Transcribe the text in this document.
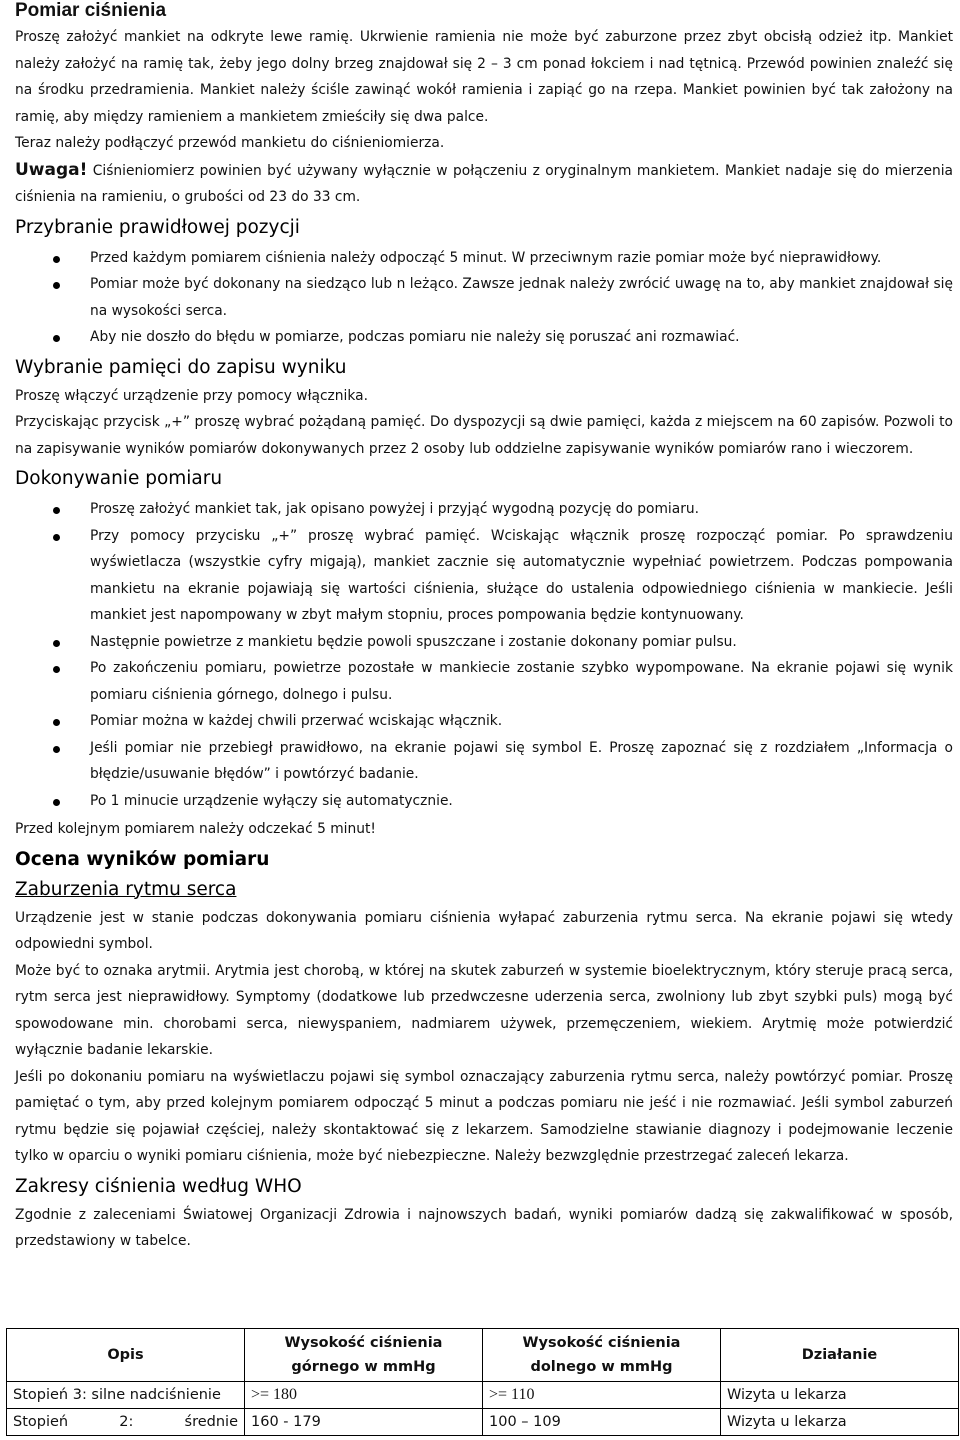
Pomiar ciśnienia

Proszę założyć mankiet na odkryte lewe ramię. Ukrwienie ramienia nie może być zaburzone przez zbyt obcisłą odzież itp. Mankiet należy założyć na ramię tak, żeby jego dolny brzeg znajdował się 2 – 3 cm ponad łokciem i nad tętnicą. Przewód powinien znaleźć się na środku przedramienia. Mankiet należy ściśle zawinąć wokół ramienia i zapiąć go na rzepa. Mankiet powinien być tak założony na ramię, aby między ramieniem a mankietem zmieściły się dwa palce.

Teraz należy podłączyć przewód mankietu do ciśnieniomierza.

Uwaga! Ciśnieniomierz powinien być używany wyłącznie w połączeniu z oryginalnym mankietem. Mankiet nadaje się do mierzenia ciśnienia na ramieniu, o grubości od 23 do 33 cm.

Przybranie prawidłowej pozycji
Przed każdym pomiarem ciśnienia należy odpocząć 5 minut. W przeciwnym razie pomiar może być nieprawidłowy.
Pomiar może być dokonany na siedząco lub n leżąco. Zawsze jednak należy zwrócić uwagę na to, aby mankiet znajdował się na wysokości serca.
Aby nie doszło do błędu w pomiarze, podczas pomiaru nie należy się poruszać ani rozmawiać.
Wybranie pamięci do zapisu wyniku

Proszę włączyć urządzenie przy pomocy włącznika.

Przyciskając przycisk „+” proszę wybrać pożądaną pamięć. Do dyspozycji są dwie pamięci, każda z miejscem na 60 zapisów. Pozwoli to na zapisywanie wyników pomiarów dokonywanych przez 2 osoby lub oddzielne zapisywanie wyników pomiarów rano i wieczorem.

Dokonywanie pomiaru
Proszę założyć mankiet tak, jak opisano powyżej i przyjąć wygodną pozycję do pomiaru.
Przy pomocy przycisku „+” proszę wybrać pamięć. Wciskając włącznik proszę rozpocząć pomiar. Po sprawdzeniu wyświetlacza (wszystkie cyfry migają), mankiet zacznie się automatycznie wypełniać powietrzem. Podczas pompowania mankietu na ekranie pojawiają się wartości ciśnienia, służące do ustalenia odpowiedniego ciśnienia w mankiecie. Jeśli mankiet jest napompowany w zbyt małym stopniu, proces pompowania będzie kontynuowany.
Następnie powietrze z mankietu będzie powoli spuszczane i zostanie dokonany pomiar pulsu.
Po zakończeniu pomiaru, powietrze pozostałe w mankiecie zostanie szybko wypompowane. Na ekranie pojawi się wynik pomiaru ciśnienia górnego, dolnego i pulsu.
Pomiar można w każdej chwili przerwać wciskając włącznik.
Jeśli pomiar nie przebiegł prawidłowo, na ekranie pojawi się symbol E. Proszę zapoznać się z rozdziałem „Informacja o błędzie/usuwanie błędów” i powtórzyć badanie.
Po 1 minucie urządzenie wyłączy się automatycznie.

Przed kolejnym pomiarem należy odczekać 5 minut!

Ocena wyników pomiaru
Zaburzenia rytmu serca

Urządzenie jest w stanie podczas dokonywania pomiaru ciśnienia wyłapać zaburzenia rytmu serca. Na ekranie pojawi się wtedy odpowiedni symbol.

Może być to oznaka arytmii. Arytmia jest chorobą, w której na skutek zaburzeń w systemie bioelektrycznym, który steruje pracą serca, rytm serca jest nieprawidłowy. Symptomy (dodatkowe lub przedwczesne uderzenia serca, zwolniony lub zbyt szybki puls) mogą być spowodowane min. chorobami serca, niewyspaniem, nadmiarem używek, przemęczeniem, wiekiem. Arytmię może potwierdzić wyłącznie badanie lekarskie.

Jeśli po dokonaniu pomiaru na wyświetlaczu pojawi się symbol oznaczający zaburzenia rytmu serca, należy powtórzyć pomiar. Proszę pamiętać o tym, aby przed kolejnym pomiarem odpocząć 5 minut a podczas pomiaru nie jeść i nie rozmawiać. Jeśli symbol zaburzeń rytmu będzie się pojawiał częściej, należy skontaktować się z lekarzem. Samodzielne stawianie diagnozy i podejmowanie leczenie tylko w oparciu o wyniki pomiaru ciśnienia, może być niebezpieczne. Należy bezwzględnie przestrzegać zaleceń lekarza.

Zakresy ciśnienia według WHO

Zgodnie z zaleceniami Światowej Organizacji Zdrowia i najnowszych badań, wyniki pomiarów dadzą się zakwalifikować w sposób, przedstawiony w tabelce.

Opis	Wysokość ciśnienia górnego w mmHg	Wysokość ciśnienia dolnego w mmHg	Działanie
Stopień 3: silne nadciśnienie	>= 180	>= 110	Wizyta u lekarza
Stopień 2: średnie	160 - 179	100 – 109	Wizyta u lekarza
